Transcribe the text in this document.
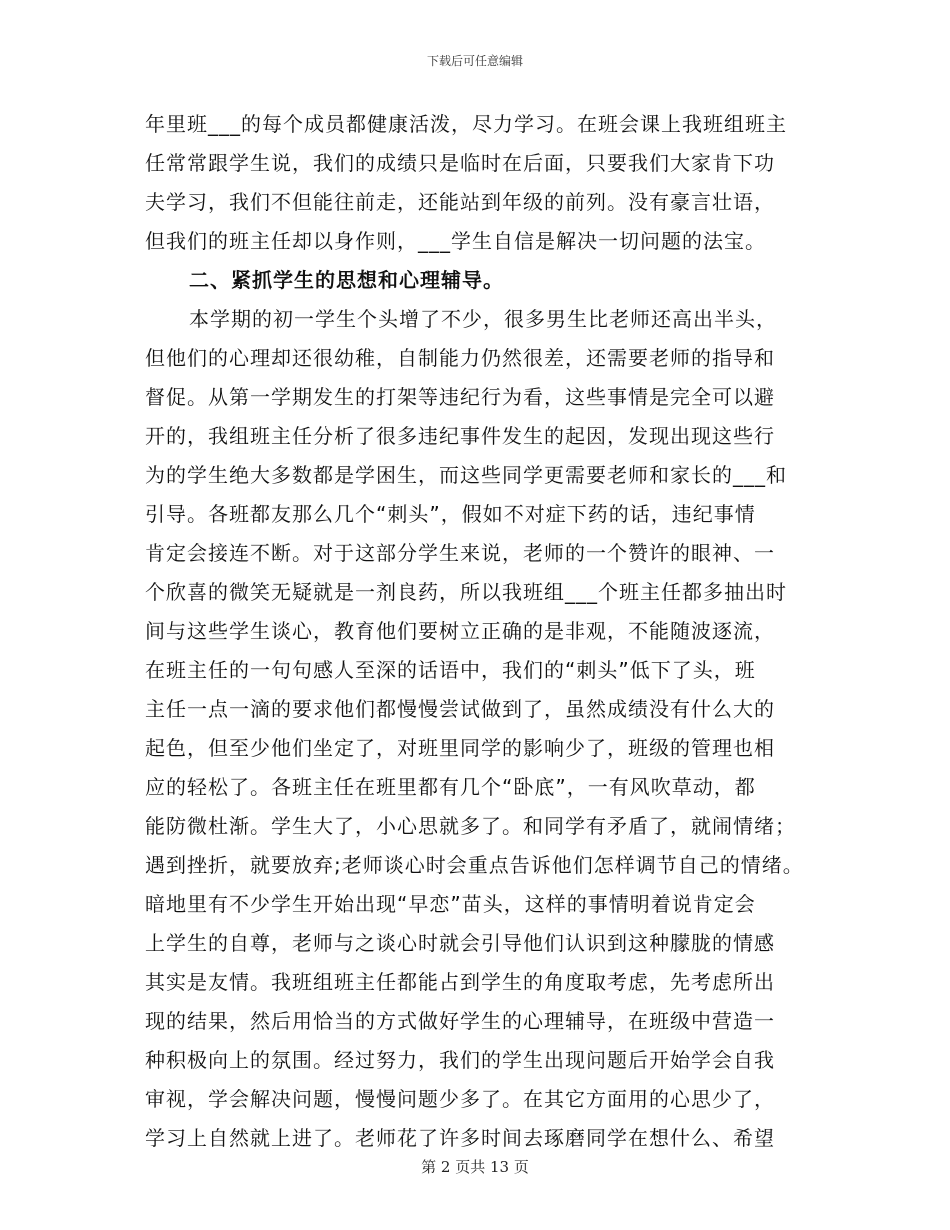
下载后可任意编辑
年里班___的每个成员都健康活泼，尽力学习。在班会课上我班组班主
任常常跟学生说，我们的成绩只是临时在后面，只要我们大家肯下功
夫学习，我们不但能往前走，还能站到年级的前列。没有豪言壮语，
但我们的班主任却以身作则，___学生自信是解决一切问题的法宝。
二、紧抓学生的思想和心理辅导。
本学期的初一学生个头增了不少，很多男生比老师还高出半头，
但他们的心理却还很幼稚，自制能力仍然很差，还需要老师的指导和
督促。从第一学期发生的打架等违纪行为看，这些事情是完全可以避
开的，我组班主任分析了很多违纪事件发生的起因，发现出现这些行
为的学生绝大多数都是学困生，而这些同学更需要老师和家长的___和
引导。各班都友那么几个“刺头”，假如不对症下药的话，违纪事情
肯定会接连不断。对于这部分学生来说，老师的一个赞许的眼神、一
个欣喜的微笑无疑就是一剂良药，所以我班组___个班主任都多抽出时
间与这些学生谈心，教育他们要树立正确的是非观，不能随波逐流，
在班主任的一句句感人至深的话语中，我们的“刺头”低下了头，班
主任一点一滴的要求他们都慢慢尝试做到了，虽然成绩没有什么大的
起色，但至少他们坐定了，对班里同学的影响少了，班级的管理也相
应的轻松了。各班主任在班里都有几个“卧底”，一有风吹草动，都
能防微杜渐。学生大了，小心思就多了。和同学有矛盾了，就闹情绪；
遇到挫折，就要放弃;老师谈心时会重点告诉他们怎样调节自己的情绪。
暗地里有不少学生开始出现“早恋”苗头，这样的事情明着说肯定会
上学生的自尊，老师与之谈心时就会引导他们认识到这种朦胧的情感
其实是友情。我班组班主任都能占到学生的角度取考虑，先考虑所出
现的结果，然后用恰当的方式做好学生的心理辅导，在班级中营造一
种积极向上的氛围。经过努力，我们的学生出现问题后开始学会自我
审视，学会解决问题，慢慢问题少多了。在其它方面用的心思少了，
学习上自然就上进了。老师花了许多时间去琢磨同学在想什么、希望
第 2 页共 13 页
